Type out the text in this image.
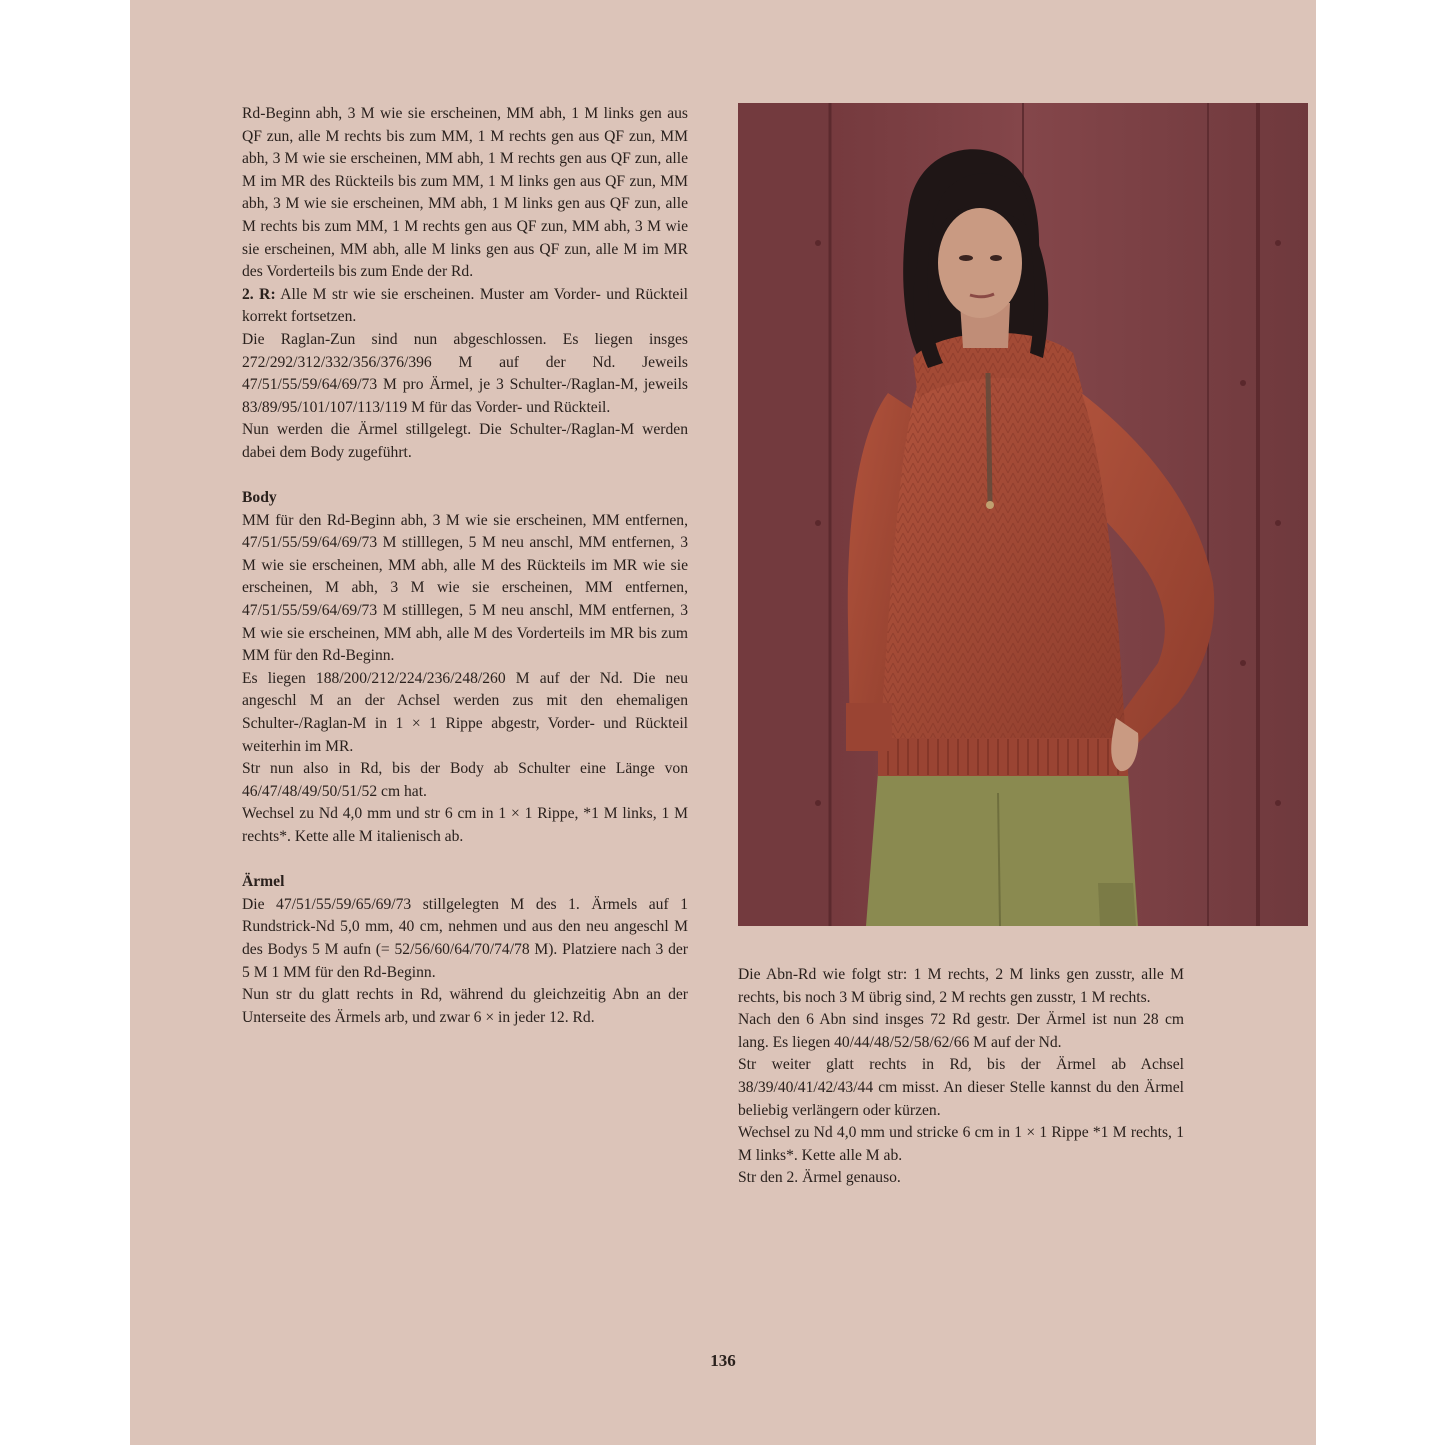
Rd-Beginn abh, 3 M wie sie erscheinen, MM abh, 1 M links gen aus QF zun, alle M rechts bis zum MM, 1 M rechts gen aus QF zun, MM abh, 3 M wie sie erscheinen, MM abh, 1 M rechts gen aus QF zun, alle M im MR des Rückteils bis zum MM, 1 M links gen aus QF zun, MM abh, 3 M wie sie erscheinen, MM abh, 1 M links gen aus QF zun, alle M rechts bis zum MM, 1 M rechts gen aus QF zun, MM abh, 3 M wie sie erscheinen, MM abh, alle M links gen aus QF zun, alle M im MR des Vorderteils bis zum Ende der Rd.

2. R: Alle M str wie sie erscheinen. Muster am Vorder- und Rückteil korrekt fortsetzen.

Die Raglan-Zun sind nun abgeschlossen. Es liegen insges 272/292/312/332/356/376/396 M auf der Nd. Jeweils 47/51/55/59/64/69/73 M pro Ärmel, je 3 Schulter-/Raglan-M, jeweils 83/89/95/101/107/113/119 M für das Vorder- und Rückteil.

Nun werden die Ärmel stillgelegt. Die Schulter-/Raglan-M werden dabei dem Body zugeführt.

Body

MM für den Rd-Beginn abh, 3 M wie sie erscheinen, MM entfernen, 47/51/55/59/64/69/73 M stilllegen, 5 M neu anschl, MM entfernen, 3 M wie sie erscheinen, MM abh, alle M des Rückteils im MR wie sie erscheinen, M abh, 3 M wie sie erscheinen, MM entfernen, 47/51/55/59/64/69/73 M stilllegen, 5 M neu anschl, MM entfernen, 3 M wie sie erscheinen, MM abh, alle M des Vorderteils im MR bis zum MM für den Rd-Beginn.

Es liegen 188/200/212/224/236/248/260 M auf der Nd. Die neu angeschl M an der Achsel werden zus mit den ehemaligen Schulter-/Raglan-M in 1 × 1 Rippe abgestr, Vorder- und Rückteil weiterhin im MR.

Str nun also in Rd, bis der Body ab Schulter eine Länge von 46/47/48/49/50/51/52 cm hat.

Wechsel zu Nd 4,0 mm und str 6 cm in 1 × 1 Rippe, *1 M links, 1 M rechts*. Kette alle M italienisch ab.

Ärmel

Die 47/51/55/59/65/69/73 stillgelegten M des 1. Ärmels auf 1 Rundstrick-Nd 5,0 mm, 40 cm, nehmen und aus den neu angeschl M des Bodys 5 M aufn (= 52/56/60/64/70/74/78 M). Platziere nach 3 der 5 M 1 MM für den Rd-Beginn.

Nun str du glatt rechts in Rd, während du gleichzeitig Abn an der Unterseite des Ärmels arb, und zwar 6 × in jeder 12. Rd.

Die Abn-Rd wie folgt str: 1 M rechts, 2 M links gen zusstr, alle M rechts, bis noch 3 M übrig sind, 2 M rechts gen zusstr, 1 M rechts.

Nach den 6 Abn sind insges 72 Rd gestr. Der Ärmel ist nun 28 cm lang. Es liegen 40/44/48/52/58/62/66 M auf der Nd.

Str weiter glatt rechts in Rd, bis der Ärmel ab Achsel 38/39/40/41/42/43/44 cm misst. An dieser Stelle kannst du den Ärmel beliebig verlängern oder kürzen.

Wechsel zu Nd 4,0 mm und stricke 6 cm in 1 × 1 Rippe *1 M rechts, 1 M links*. Kette alle M ab.

Str den 2. Ärmel genauso.

136
